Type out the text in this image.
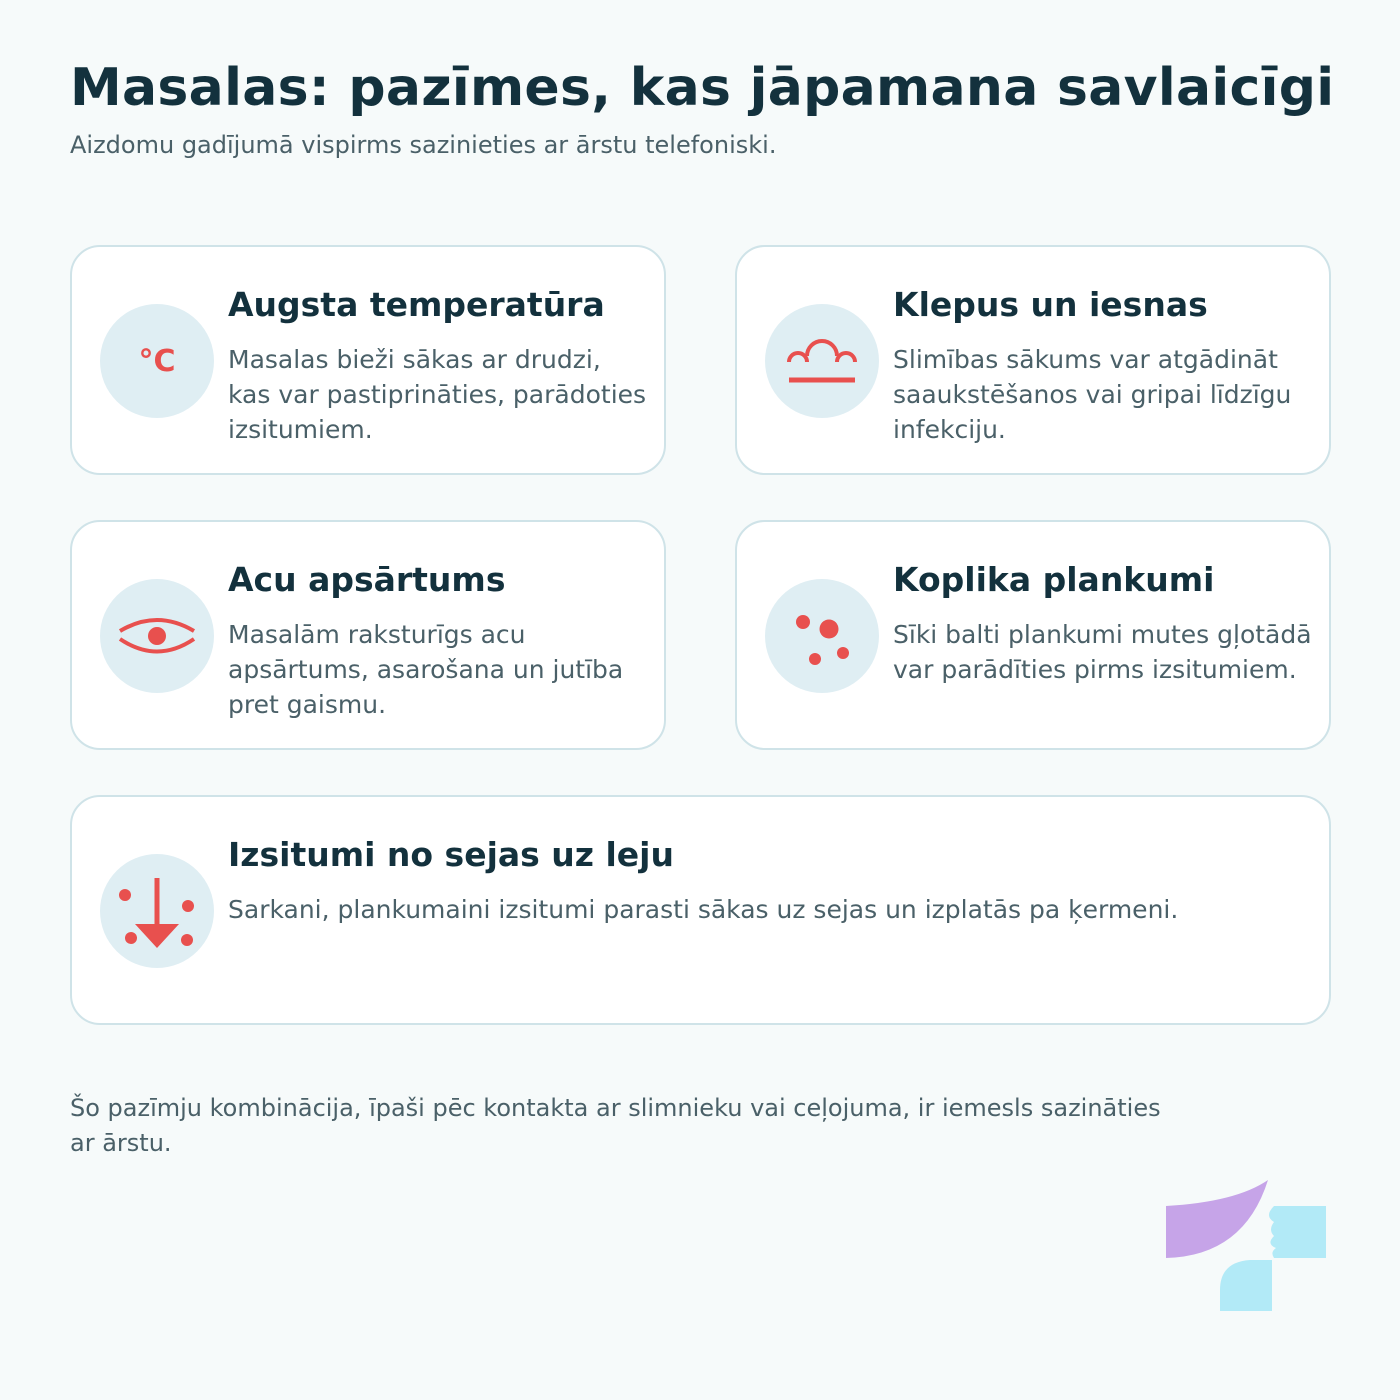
Masalas: pazīmes, kas jāpamana savlaicīgi

Aizdomu gadījumā vispirms sazinieties ar ārstu telefoniski.

°C
Augsta temperatūra
Masalas bieži sākas ar drudzi, kas var pastiprināties, parādoties izsitumiem.
Klepus un iesnas
Slimības sākums var atgādināt saaukstēšanos vai gripai līdzīgu infekciju.
Acu apsārtums
Masalām raksturīgs acu apsārtums, asarošana un jutība pret gaismu.
Koplika plankumi
Sīki balti plankumi mutes gļotādā var parādīties pirms izsitumiem.
Izsitumi no sejas uz leju
Sarkani, plankumaini izsitumi parasti sākas uz sejas un izplatās pa ķermeni.

Šo pazīmju kombinācija, īpaši pēc kontakta ar slimnieku vai ceļojuma, ir iemesls sazināties ar ārstu.
